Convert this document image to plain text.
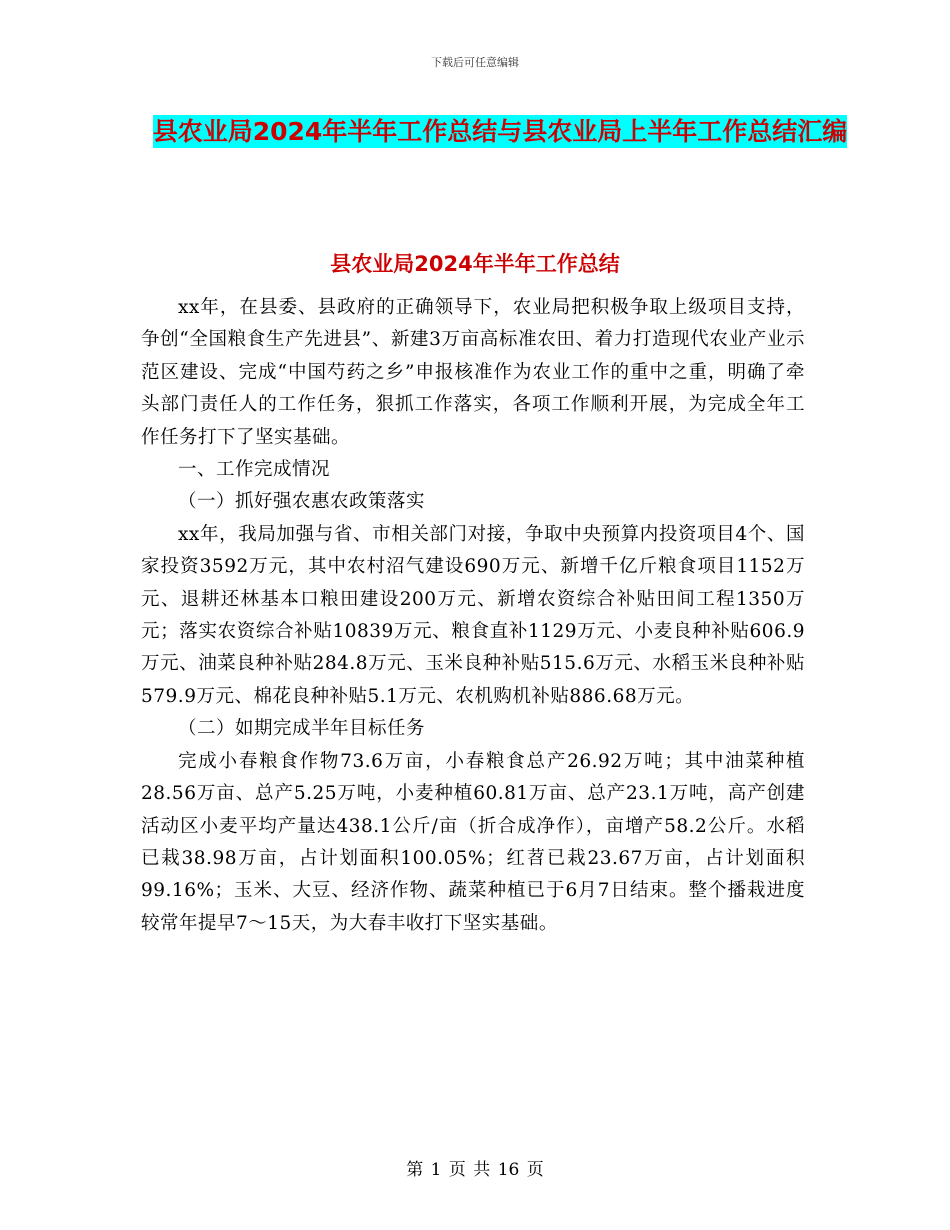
下载后可任意编辑
县农业局2024年半年工作总结与县农业局上半年工作总结汇编
县农业局2024年半年工作总结

xx年，在县委、县政府的正确领导下，农业局把积极争取上级项目支持，争创“全国粮食生产先进县”、新建3万亩高标准农田、着力打造现代农业产业示范区建设、完成“中国芍药之乡”申报核准作为农业工作的重中之重，明确了牵头部门责任人的工作任务，狠抓工作落实，各项工作顺利开展，为完成全年工作任务打下了坚实基础。

一、工作完成情况

（一）抓好强农惠农政策落实

xx年，我局加强与省、市相关部门对接，争取中央预算内投资项目4个、国家投资3592万元，其中农村沼气建设690万元、新增千亿斤粮食项目1152万元、退耕还林基本口粮田建设200万元、新增农资综合补贴田间工程1350万元；落实农资综合补贴10839万元、粮食直补1129万元、小麦良种补贴606.9万元、油菜良种补贴284.8万元、玉米良种补贴515.6万元、水稻玉米良种补贴579.9万元、棉花良种补贴5.1万元、农机购机补贴886.68万元。

（二）如期完成半年目标任务

完成小春粮食作物73.6万亩，小春粮食总产26.92万吨；其中油菜种植28.56万亩、总产5.25万吨，小麦种植60.81万亩、总产23.1万吨，高产创建活动区小麦平均产量达438.1公斤/亩（折合成净作），亩增产58.2公斤。水稻已栽38.98万亩，占计划面积100.05%；红苕已栽23.67万亩，占计划面积99.16%；玉米、大豆、经济作物、蔬菜种植已于6月7日结束。整个播栽进度较常年提早7～15天，为大春丰收打下坚实基础。

第 1 页 共 16 页
